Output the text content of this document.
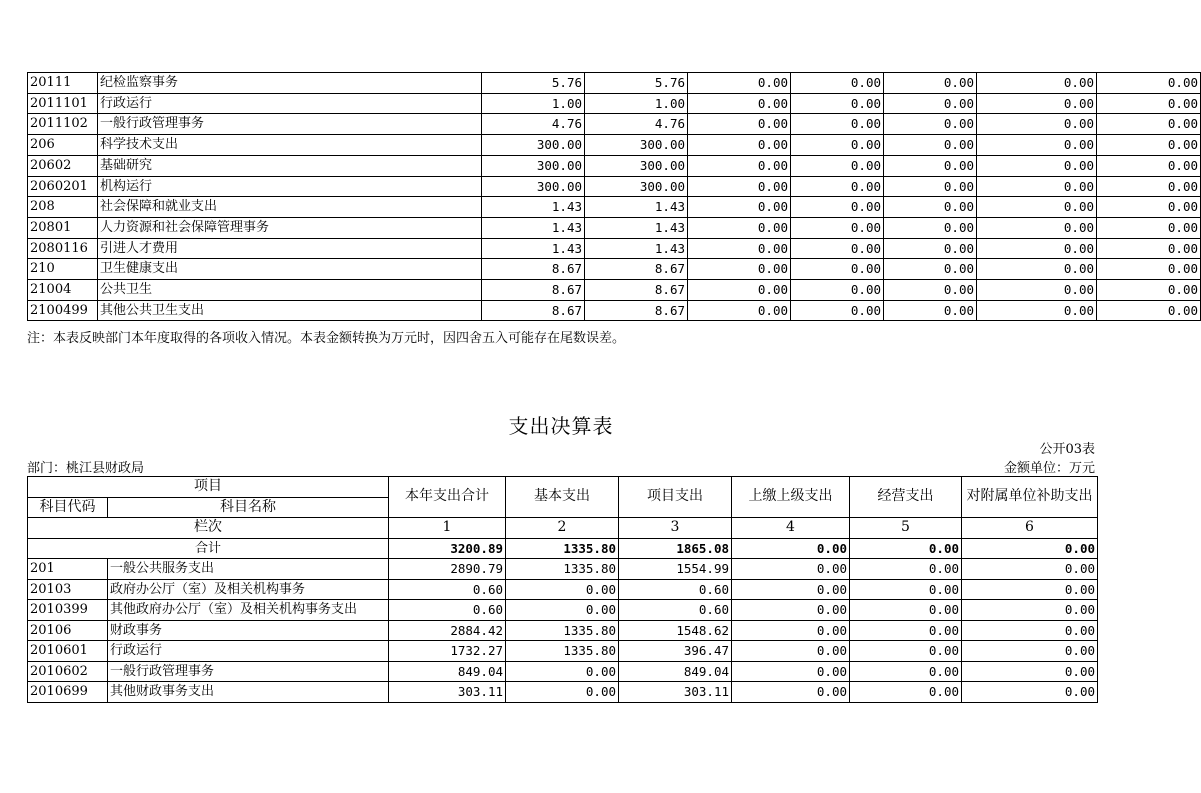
20111	纪检监察事务	5.76	5.76	0.00	0.00	0.00	0.00	0.00
2011101	行政运行	1.00	1.00	0.00	0.00	0.00	0.00	0.00
2011102	一般行政管理事务	4.76	4.76	0.00	0.00	0.00	0.00	0.00
206	科学技术支出	300.00	300.00	0.00	0.00	0.00	0.00	0.00
20602	基础研究	300.00	300.00	0.00	0.00	0.00	0.00	0.00
2060201	机构运行	300.00	300.00	0.00	0.00	0.00	0.00	0.00
208	社会保障和就业支出	1.43	1.43	0.00	0.00	0.00	0.00	0.00
20801	人力资源和社会保障管理事务	1.43	1.43	0.00	0.00	0.00	0.00	0.00
2080116	引进人才费用	1.43	1.43	0.00	0.00	0.00	0.00	0.00
210	卫生健康支出	8.67	8.67	0.00	0.00	0.00	0.00	0.00
21004	公共卫生	8.67	8.67	0.00	0.00	0.00	0.00	0.00
2100499	其他公共卫生支出	8.67	8.67	0.00	0.00	0.00	0.00	0.00
注：本表反映部门本年度取得的各项收入情况。本表金额转换为万元时，因四舍五入可能存在尾数误差。
支出决算表
公开03表
部门：桃江县财政局	金额单位：万元
项目		本年支出合计	基本支出	项目支出	上缴上级支出	经营支出	对附属单位补助支出
科目代码	科目名称						
栏次		1	2	3	4	5	6
合计		3200.89	1335.80	1865.08	0.00	0.00	0.00
201	一般公共服务支出	2890.79	1335.80	1554.99	0.00	0.00	0.00
20103	政府办公厅（室）及相关机构事务	0.60	0.00	0.60	0.00	0.00	0.00
2010399	其他政府办公厅（室）及相关机构事务支出	0.60	0.00	0.60	0.00	0.00	0.00
20106	财政事务	2884.42	1335.80	1548.62	0.00	0.00	0.00
2010601	行政运行	1732.27	1335.80	396.47	0.00	0.00	0.00
2010602	一般行政管理事务	849.04	0.00	849.04	0.00	0.00	0.00
2010699	其他财政事务支出	303.11	0.00	303.11	0.00	0.00	0.00
